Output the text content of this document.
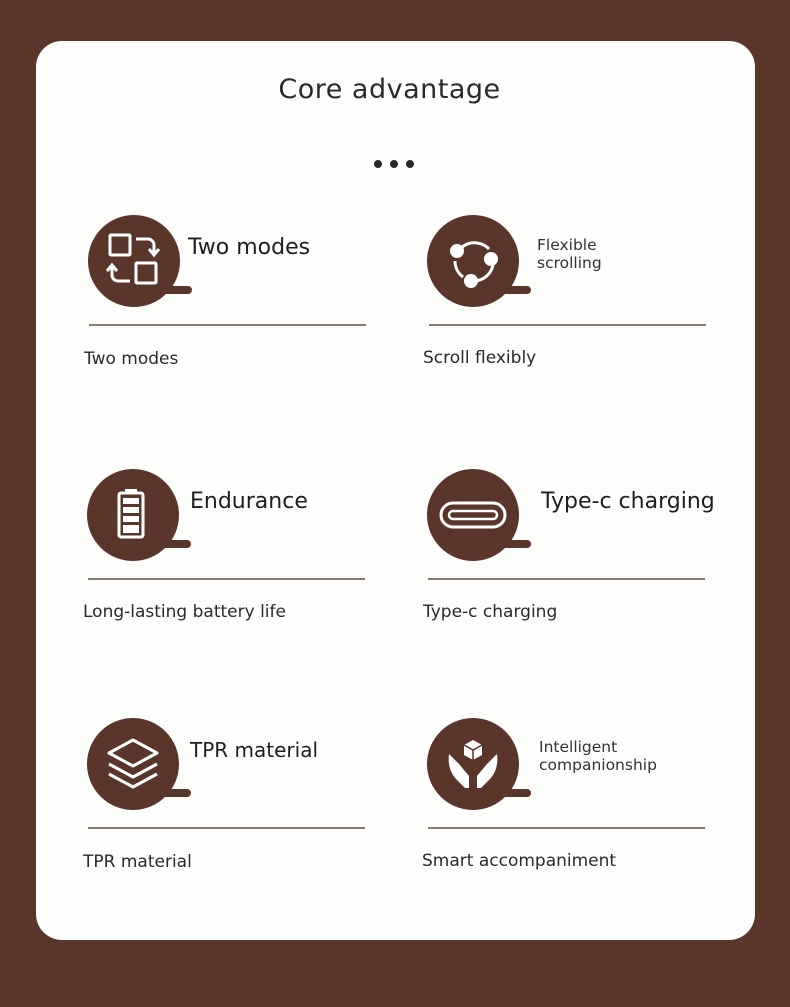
Core advantage
Two modes
Two modes
Flexible
scrolling
Scroll flexibly
Endurance
Long-lasting battery life
Type-c charging
Type-c charging
TPR material
TPR material
Intelligent
companionship
Smart accompaniment
